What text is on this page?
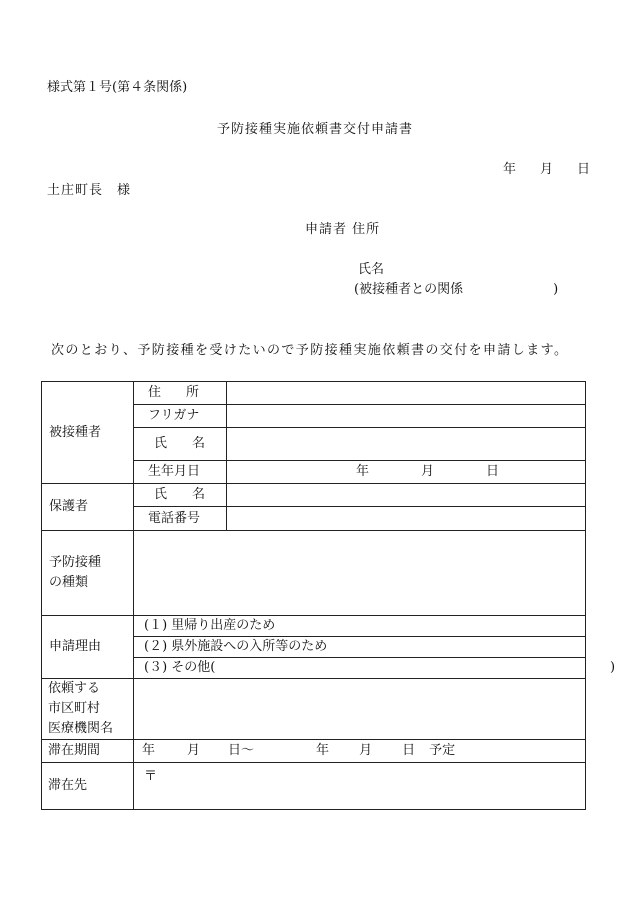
様式第１号(第４条関係)
予防接種実施依頼書交付申請書
年 月 日
土庄町長　様
申請者 住所
氏名
(被接種者との関係	)
次のとおり、予防接種を受けたいので予防接種実施依頼書の交付を申請します。
被接種者	住　所	
	フリガナ	
	氏　名	
	生年月日	年 月 日

保護者	氏　名	
	電話番号	

予防接種
の種類		

申請理由	(１) 里帰り出産のため	
	(２) 県外施設への入所等のため	
	(３) その他( )	

依頼する
市区町村
医療機関名		

滞在期間	年 月 日～ 年 月 日 予定	
滞在先	〒	
